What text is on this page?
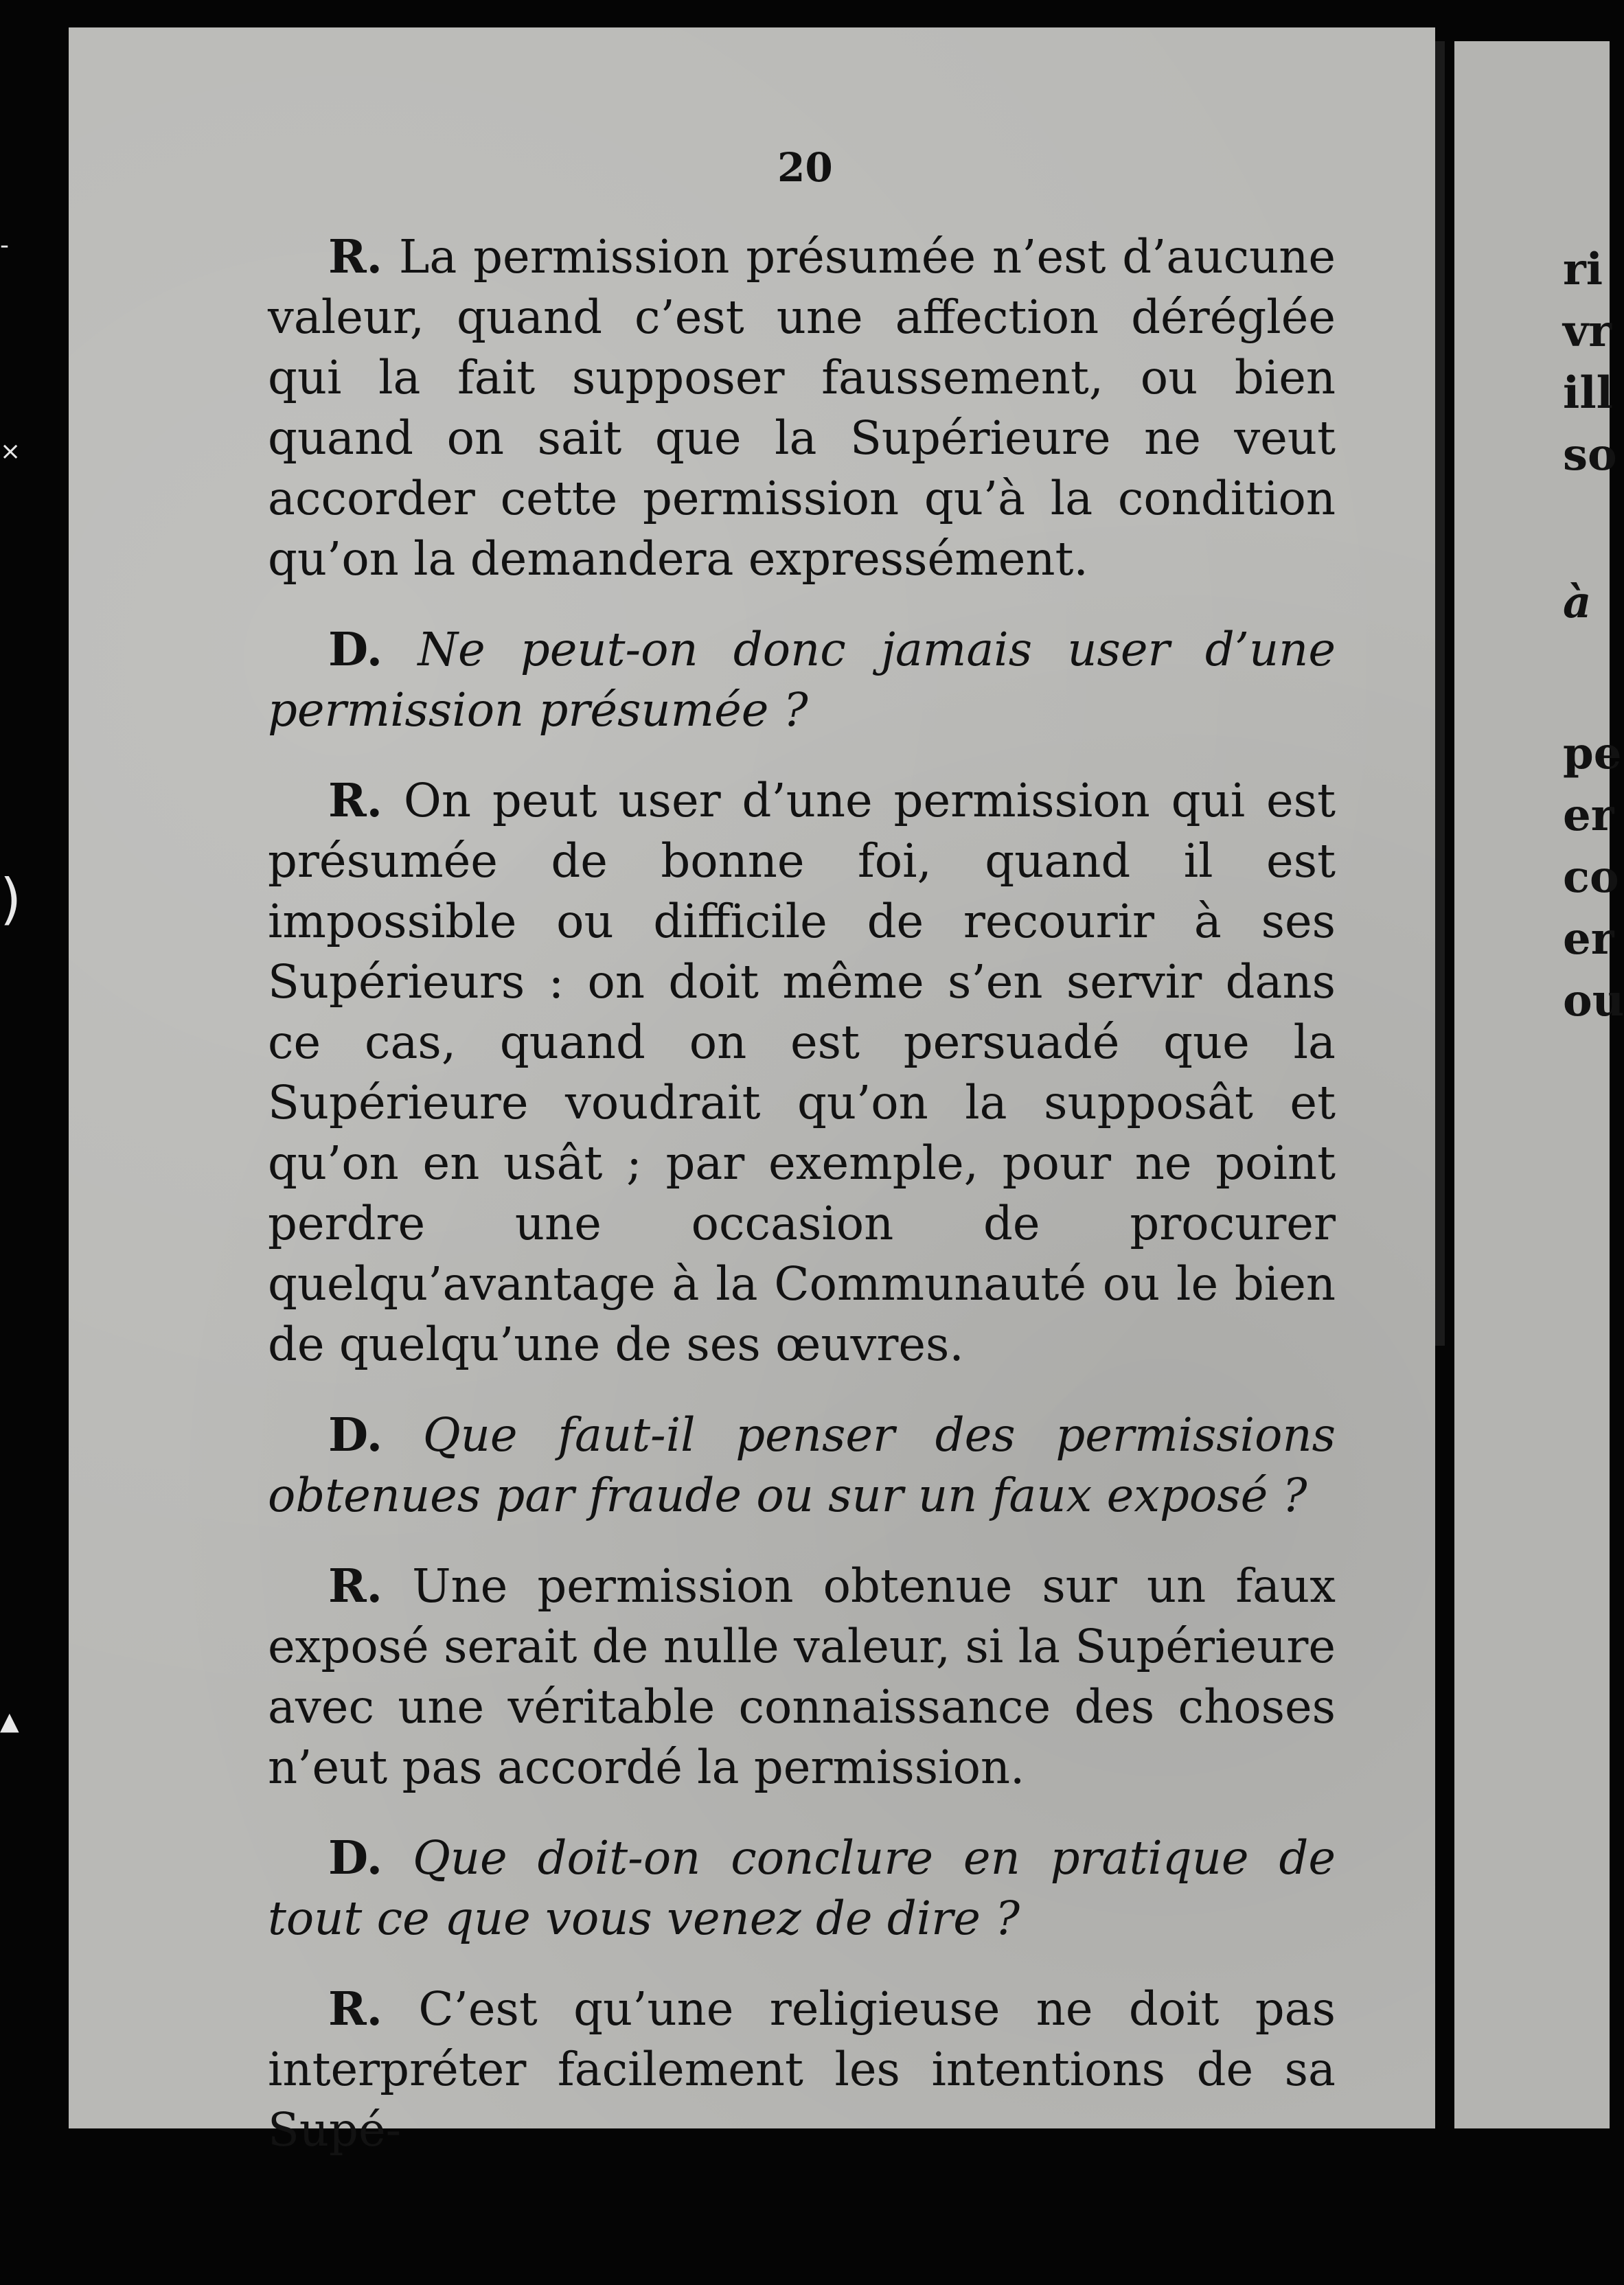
-
×
)
▲
20

R. La permission présumée n’est d’aucune valeur, quand c’est une affection déréglée qui la fait supposer faussement, ou bien quand on sait que la Supérieure ne veut accorder cette permission qu’à la condition qu’on la demandera expressément.

D. Ne peut-on donc jamais user d’une permission présumée ?

R. On peut user d’une permission qui est présumée de bonne foi, quand il est impossible ou difficile de recourir à ses Supérieurs : on doit même s’en servir dans ce cas, quand on est persuadé que la Supérieure voudrait qu’on la supposât et qu’on en usât ; par exemple, pour ne point perdre une occasion de procurer quelqu’avantage à la Communauté ou le bien de quelqu’une de ses œuvres.

D. Que faut-il penser des permissions obtenues par fraude ou sur un faux exposé ?

R. Une permission obtenue sur un faux exposé serait de nulle valeur, si la Supérieure avec une véritable connaissance des choses n’eut pas accordé la permission.

D. Que doit-on conclure en pratique de tout ce que vous venez de dire ?

R. C’est qu’une religieuse ne doit pas interpréter facilement les intentions de sa Supé-

ri
vr
ill
so
à
pe
er
co
er
ou
